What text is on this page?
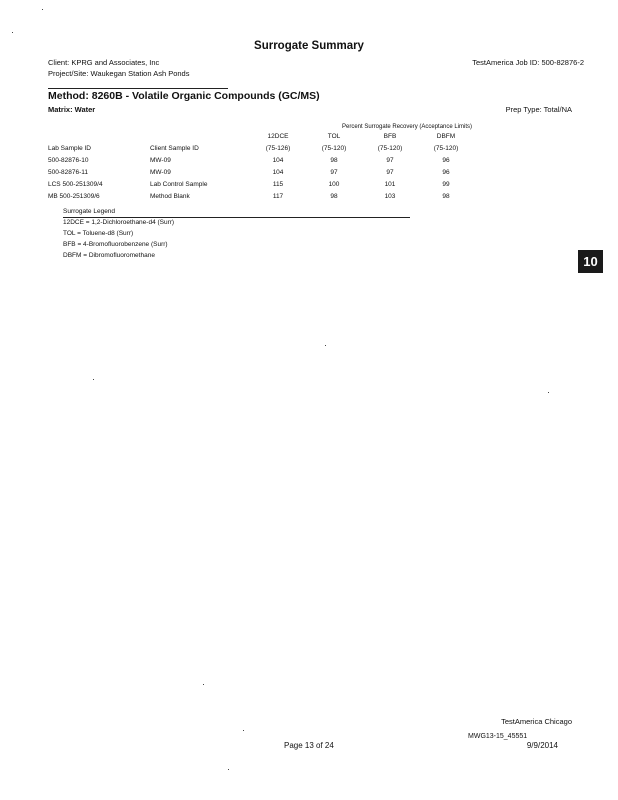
Surrogate Summary
Client: KPRG and Associates, Inc
Project/Site: Waukegan Station Ash Ponds
TestAmerica Job ID: 500-82876-2
Method: 8260B - Volatile Organic Compounds (GC/MS)
Matrix: Water	Prep Type: Total/NA
Percent Surrogate Recovery (Acceptance Limits)
		12DCE	TOL	BFB	DBFM
Lab Sample ID	Client Sample ID	(75-126)	(75-120)	(75-120)	(75-120)
500-82876-10	MW-09	104	98	97	96
500-82876-11	MW-09	104	97	97	96
LCS 500-251309/4	Lab Control Sample	115	100	101	99
MB 500-251309/6	Method Blank	117	98	103	98
Surrogate Legend
12DCE = 1,2-Dichloroethane-d4 (Surr)
TOL = Toluene-d8 (Surr)
BFB = 4-Bromofluorobenzene (Surr)
DBFM = Dibromofluoromethane	10
TestAmerica Chicago
MWG13-15_45551
Page 13 of 24	9/9/2014
